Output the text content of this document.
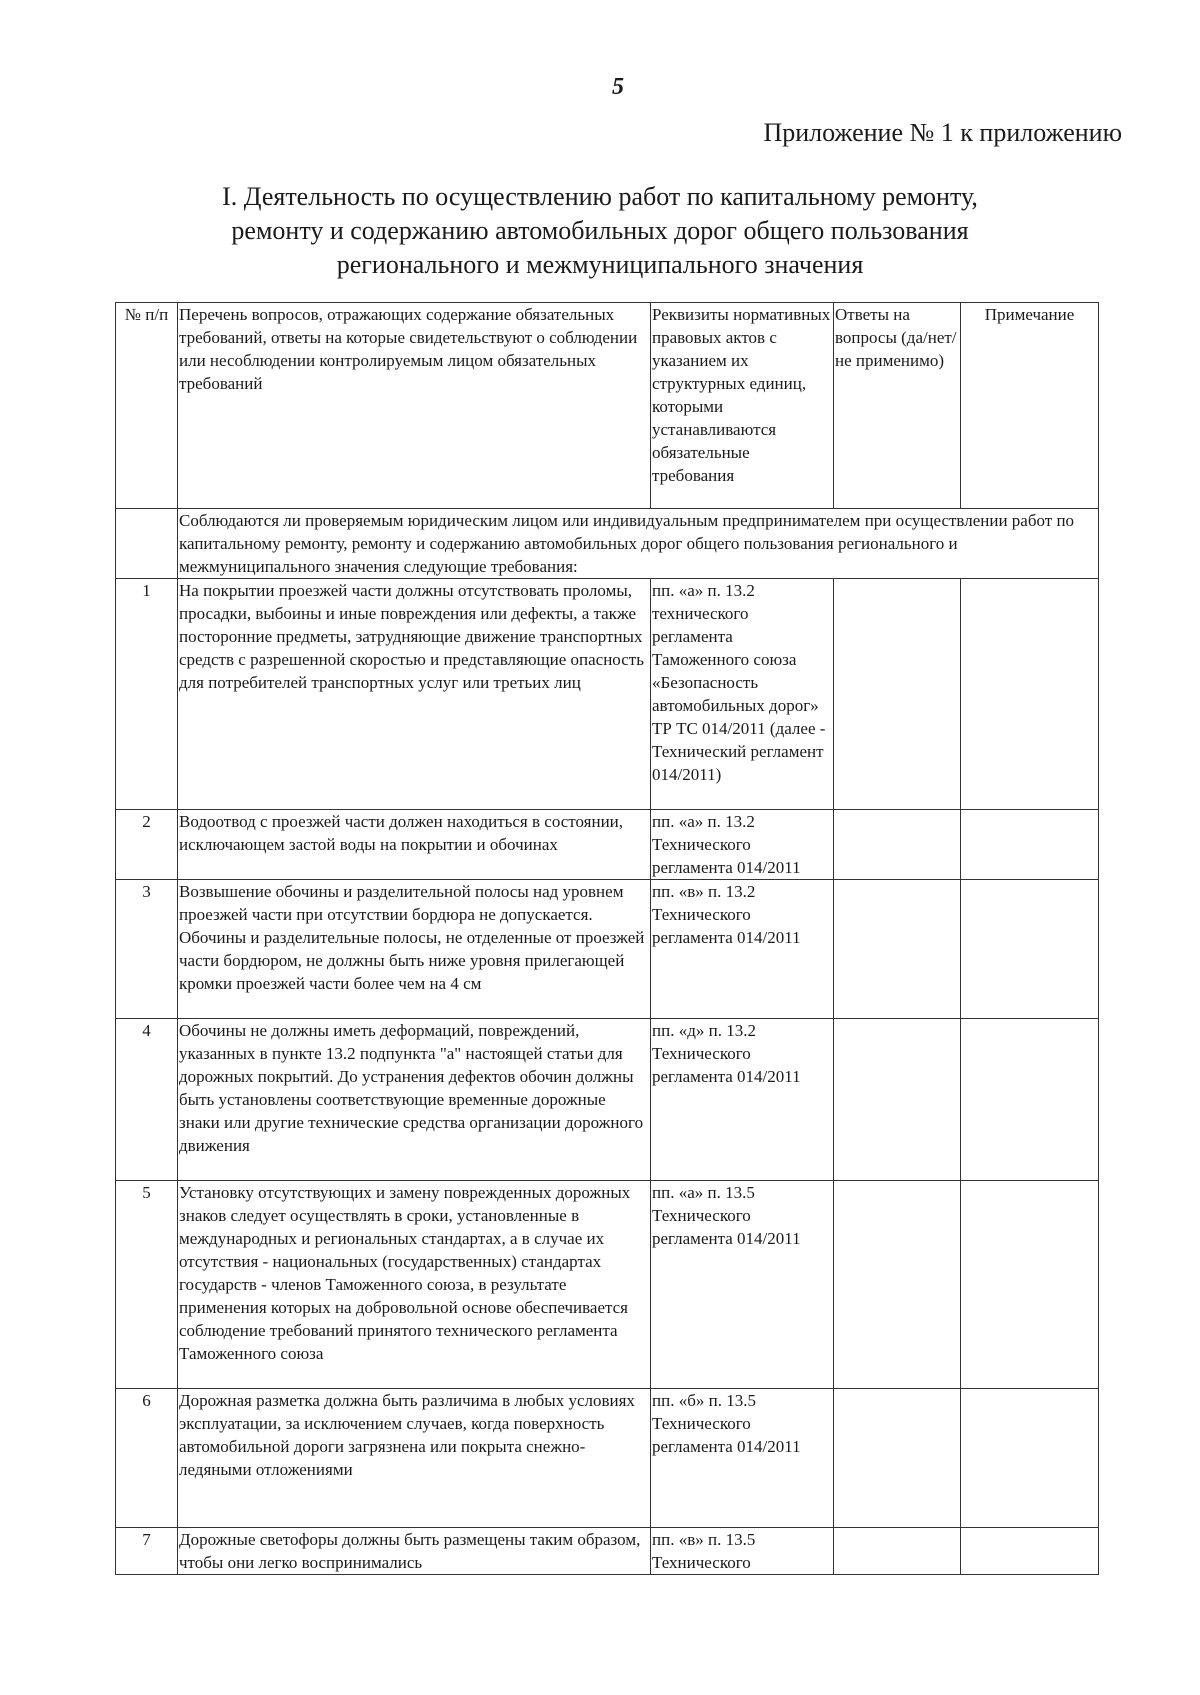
5
Приложение № 1 к приложению
I. Деятельность по осуществлению работ по капитальному ремонту, ремонту и содержанию автомобильных дорог общего пользования регионального и межмуниципального значения
№ п/п	Перечень вопросов, отражающих содержание обязательных требований, ответы на которые свидетельствуют о соблюдении или несоблюдении контролируемым лицом обязательных требований	Реквизиты нормативных правовых актов с указанием их структурных единиц, которыми устанавливаются обязательные требования	Ответы на вопросы (да/нет/не применимо)	Примечание
	Соблюдаются ли проверяемым юридическим лицом или индивидуальным предпринимателем при осуществлении работ по капитальному ремонту, ремонту и содержанию автомобильных дорог общего пользования регионального и межмуниципального значения следующие требования:			
1	На покрытии проезжей части должны отсутствовать проломы, просадки, выбоины и иные повреждения или дефекты, а также посторонние предметы, затрудняющие движение транспортных средств с разрешенной скоростью и представляющие опасность для потребителей транспортных услуг или третьих лиц	пп. «а» п. 13.2 технического регламента Таможенного союза «Безопасность автомобильных дорог» ТР ТС 014/2011 (далее - Технический регламент 014/2011)		
2	Водоотвод с проезжей части должен находиться в состоянии, исключающем застой воды на покрытии и обочинах	пп. «а» п. 13.2 Технического регламента 014/2011		
3	Возвышение обочины и разделительной полосы над уровнем проезжей части при отсутствии бордюра не допускается. Обочины и разделительные полосы, не отделенные от проезжей части бордюром, не должны быть ниже уровня прилегающей кромки проезжей части более чем на 4 см	пп. «в» п. 13.2 Технического регламента 014/2011		
4	Обочины не должны иметь деформаций, повреждений, указанных в пункте 13.2 подпункта "а" настоящей статьи для дорожных покрытий. До устранения дефектов обочин должны быть установлены соответствующие временные дорожные знаки или другие технические средства организации дорожного движения	пп. «д» п. 13.2 Технического регламента 014/2011		
5	Установку отсутствующих и замену поврежденных дорожных знаков следует осуществлять в сроки, установленные в международных и региональных стандартах, а в случае их отсутствия - национальных (государственных) стандартах государств - членов Таможенного союза, в результате применения которых на добровольной основе обеспечивается соблюдение требований принятого технического регламента Таможенного союза	пп. «а» п. 13.5 Технического регламента 014/2011		
6	Дорожная разметка должна быть различима в любых условиях эксплуатации, за исключением случаев, когда поверхность автомобильной дороги загрязнена или покрыта снежно-ледяными отложениями	пп. «б» п. 13.5 Технического регламента 014/2011		
7	Дорожные светофоры должны быть размещены таким образом, чтобы они легко воспринимались	пп. «в» п. 13.5 Технического		
